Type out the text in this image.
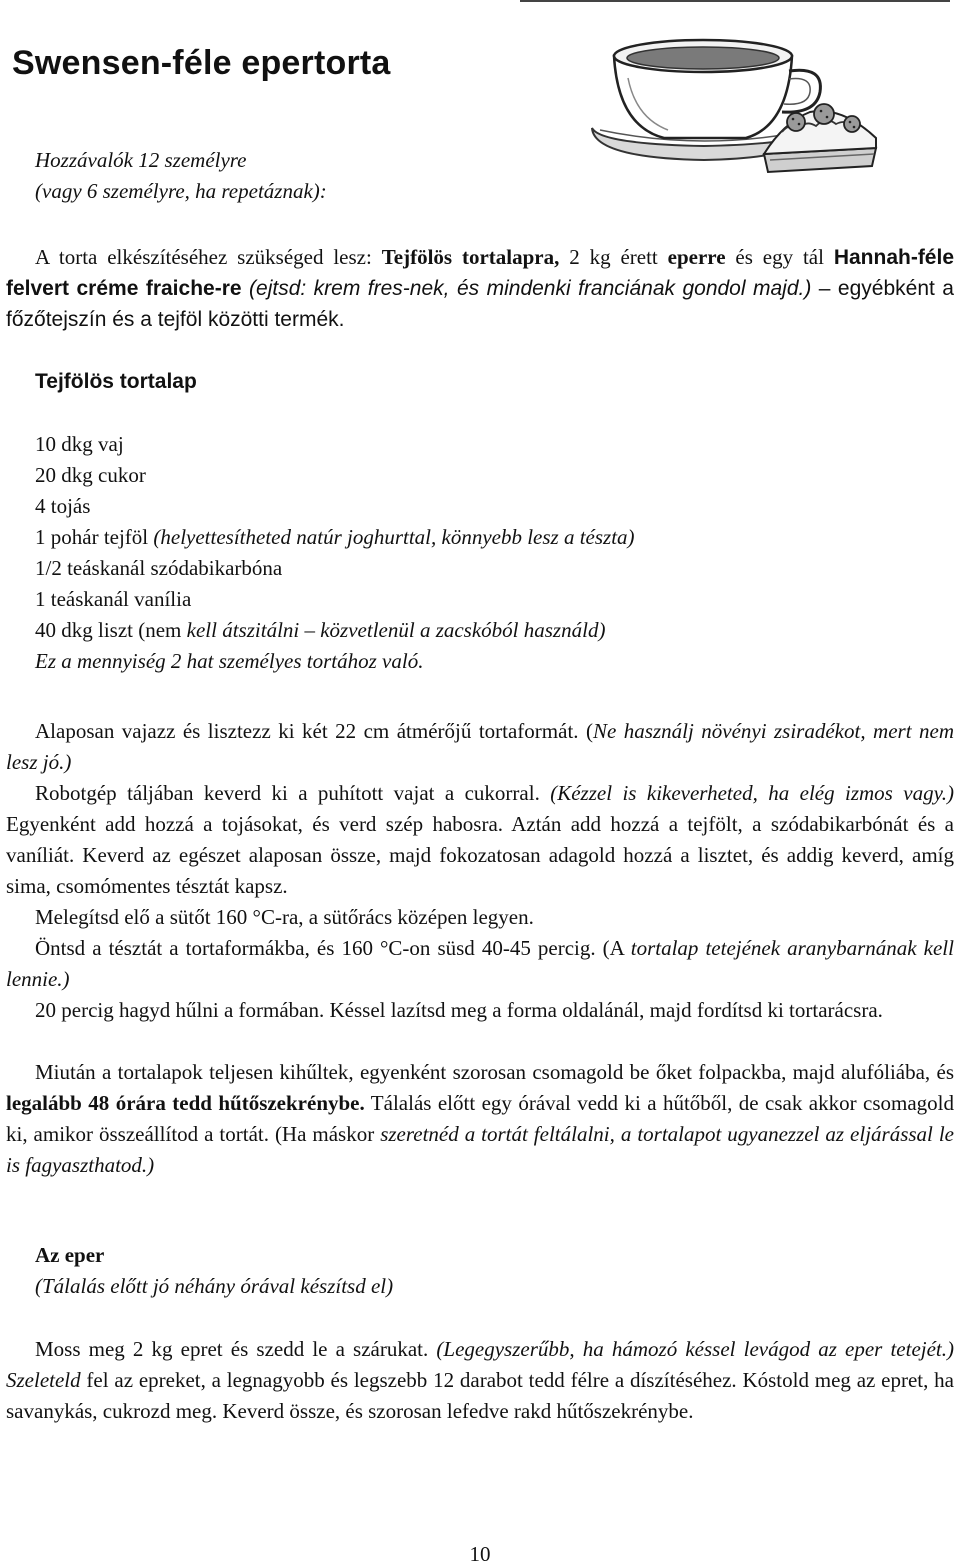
Swensen-féle epertorta
Hozzávalók 12 személyre
(vagy 6 személyre, ha repetáznak):

A torta elkészítéséhez szükséged lesz: Tejfölös tortalapra, 2 kg érett eperre és egy tál Hannah-féle felvert créme fraiche-re (ejtsd: krem fres-nek, és mindenki franciának gondol majd.) – egyébként a főzőtejszín és a tejföl közötti termék.

Tejfölös tortalap
10 dkg vaj
20 dkg cukor
4 tojás
1 pohár tejföl (helyettesítheted natúr joghurttal, könnyebb lesz a tészta)
1/2 teáskanál szódabikarbóna
1 teáskanál vanília
40 dkg liszt (nem kell átszitálni – közvetlenül a zacskóból használd)
Ez a mennyiség 2 hat személyes tortához való.

Alaposan vajazz és lisztezz ki két 22 cm átmérőjű tortaformát. (Ne használj növényi zsiradékot, mert nem lesz jó.)

Robotgép táljában keverd ki a puhított vajat a cukorral. (Kézzel is kikeverheted, ha elég izmos vagy.) Egyenként add hozzá a tojásokat, és verd szép habosra. Aztán add hozzá a tejfölt, a szódabikarbónát és a vaníliát. Keverd az egészet alaposan össze, majd fokozatosan adagold hozzá a lisztet, és addig keverd, amíg sima, csomómentes tésztát kapsz.

Melegítsd elő a sütőt 160 °C-ra, a sütőrács középen legyen.

Öntsd a tésztát a tortaformákba, és 160 °C-on süsd 40-45 percig. (A tortalap tetejének aranybarnának kell lennie.)

20 percig hagyd hűlni a formában. Késsel lazítsd meg a forma oldalánál, majd fordítsd ki tortarácsra.

Miután a tortalapok teljesen kihűltek, egyenként szorosan csomagold be őket folpackba, majd alufóliába, és legalább 48 órára tedd hűtőszekrénybe. Tálalás előtt egy órával vedd ki a hűtőből, de csak akkor csomagold ki, amikor összeállítod a tortát. (Ha máskor szeretnéd a tortát feltálalni, a tortalapot ugyanezzel az eljárással le is fagyaszthatod.)

Az eper
(Tálalás előtt jó néhány órával készítsd el)

Moss meg 2 kg epret és szedd le a szárukat. (Legegyszerűbb, ha hámozó késsel levágod az eper tetejét.) Szeleteld fel az epreket, a legnagyobb és legszebb 12 darabot tedd félre a díszítéséhez. Kóstold meg az epret, ha savanykás, cukrozd meg. Keverd össze, és szorosan lefedve rakd hűtőszekrénybe.

10
